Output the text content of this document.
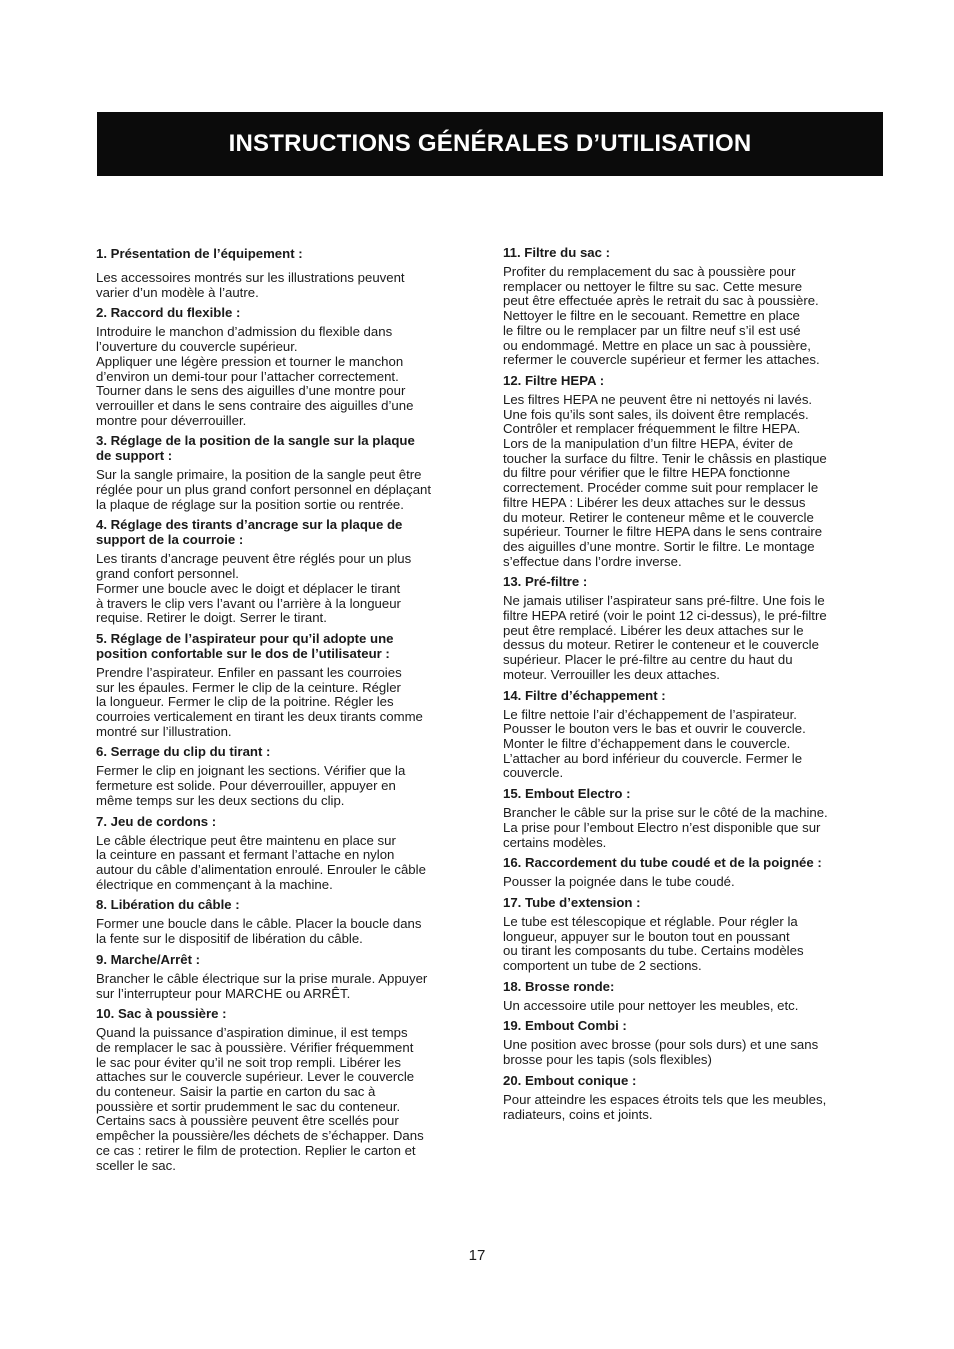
INSTRUCTIONS GÉNÉRALES D’UTILISATION
1. Présentation de l’équipement :

Les accessoires montrés sur les illustrations peuvent
varier d’un modèle à l’autre.

2. Raccord du flexible :

Introduire le manchon d’admission du flexible dans
l’ouverture du couvercle supérieur.
Appliquer une légère pression et tourner le manchon
d’environ un demi-tour pour l’attacher correctement.
Tourner dans le sens des aiguilles d’une montre pour
verrouiller et dans le sens contraire des aiguilles d’une
montre pour déverrouiller.

3. Réglage de la position de la sangle sur la plaque
de support :

Sur la sangle primaire, la position de la sangle peut être
réglée pour un plus grand confort personnel en déplaçant
la plaque de réglage sur la position sortie ou rentrée.

4. Réglage des tirants d’ancrage sur la plaque de
support de la courroie :

Les tirants d’ancrage peuvent être réglés pour un plus
grand confort personnel.
Former une boucle avec le doigt et déplacer le tirant
à travers le clip vers l’avant ou l’arrière à la longueur
requise. Retirer le doigt. Serrer le tirant.

5. Réglage de l’aspirateur pour qu’il adopte une
position confortable sur le dos de l’utilisateur :

Prendre l’aspirateur. Enfiler en passant les courroies
sur les épaules. Fermer le clip de la ceinture. Régler
la longueur. Fermer le clip de la poitrine. Régler les
courroies verticalement en tirant les deux tirants comme
montré sur l’illustration.

6. Serrage du clip du tirant :

Fermer le clip en joignant les sections. Vérifier que la
fermeture est solide. Pour déverrouiller, appuyer en
même temps sur les deux sections du clip.

7. Jeu de cordons :

Le câble électrique peut être maintenu en place sur
la ceinture en passant et fermant l’attache en nylon
autour du câble d’alimentation enroulé. Enrouler le câble
électrique en commençant à la machine.

8. Libération du câble :

Former une boucle dans le câble. Placer la boucle dans
la fente sur le dispositif de libération du câble.

9. Marche/Arrêt :

Brancher le câble électrique sur la prise murale. Appuyer
sur l’interrupteur pour MARCHE ou ARRÊT.

10. Sac à poussière :

Quand la puissance d’aspiration diminue, il est temps
de remplacer le sac à poussière. Vérifier fréquemment
le sac pour éviter qu’il ne soit trop rempli. Libérer les
attaches sur le couvercle supérieur. Lever le couvercle
du conteneur. Saisir la partie en carton du sac à
poussière et sortir prudemment le sac du conteneur.
Certains sacs à poussière peuvent être scellés pour
empêcher la poussière/les déchets de s’échapper. Dans
ce cas : retirer le film de protection. Replier le carton et
sceller le sac.

11. Filtre du sac :

Profiter du remplacement du sac à poussière pour
remplacer ou nettoyer le filtre su sac. Cette mesure
peut être effectuée après le retrait du sac à poussière.
Nettoyer le filtre en le secouant. Remettre en place
le filtre ou le remplacer par un filtre neuf s’il est usé
ou endommagé. Mettre en place un sac à poussière,
refermer le couvercle supérieur et fermer les attaches.

12. Filtre HEPA :

Les filtres HEPA ne peuvent être ni nettoyés ni lavés.
Une fois qu’ils sont sales, ils doivent être remplacés.
Contrôler et remplacer fréquemment le filtre HEPA.
Lors de la manipulation d’un filtre HEPA, éviter de
toucher la surface du filtre. Tenir le châssis en plastique
du filtre pour vérifier que le filtre HEPA fonctionne
correctement. Procéder comme suit pour remplacer le
filtre HEPA : Libérer les deux attaches sur le dessus
du moteur. Retirer le conteneur même et le couvercle
supérieur. Tourner le filtre HEPA dans le sens contraire
des aiguilles d’une montre. Sortir le filtre. Le montage
s’effectue dans l’ordre inverse.

13. Pré-filtre :

Ne jamais utiliser l’aspirateur sans pré-filtre. Une fois le
filtre HEPA retiré (voir le point 12 ci-dessus), le pré-filtre
peut être remplacé. Libérer les deux attaches sur le
dessus du moteur. Retirer le conteneur et le couvercle
supérieur. Placer le pré-filtre au centre du haut du
moteur. Verrouiller les deux attaches.

14. Filtre d’échappement :

Le filtre nettoie l’air d’échappement de l’aspirateur.
Pousser le bouton vers le bas et ouvrir le couvercle.
Monter le filtre d’échappement dans le couvercle.
L’attacher au bord inférieur du couvercle. Fermer le
couvercle.

15. Embout Electro :

Brancher le câble sur la prise sur le côté de la machine.
La prise pour l’embout Electro n’est disponible que sur
certains modèles.

16. Raccordement du tube coudé et de la poignée :

Pousser la poignée dans le tube coudé.

17. Tube d’extension :

Le tube est télescopique et réglable. Pour régler la
longueur, appuyer sur le bouton tout en poussant
ou tirant les composants du tube. Certains modèles
comportent un tube de 2 sections.

18. Brosse ronde:

Un accessoire utile pour nettoyer les meubles, etc.

19. Embout Combi :

Une position avec brosse (pour sols durs) et une sans
brosse pour les tapis (sols flexibles)

20. Embout conique :

Pour atteindre les espaces étroits tels que les meubles,
radiateurs, coins et joints.

17
